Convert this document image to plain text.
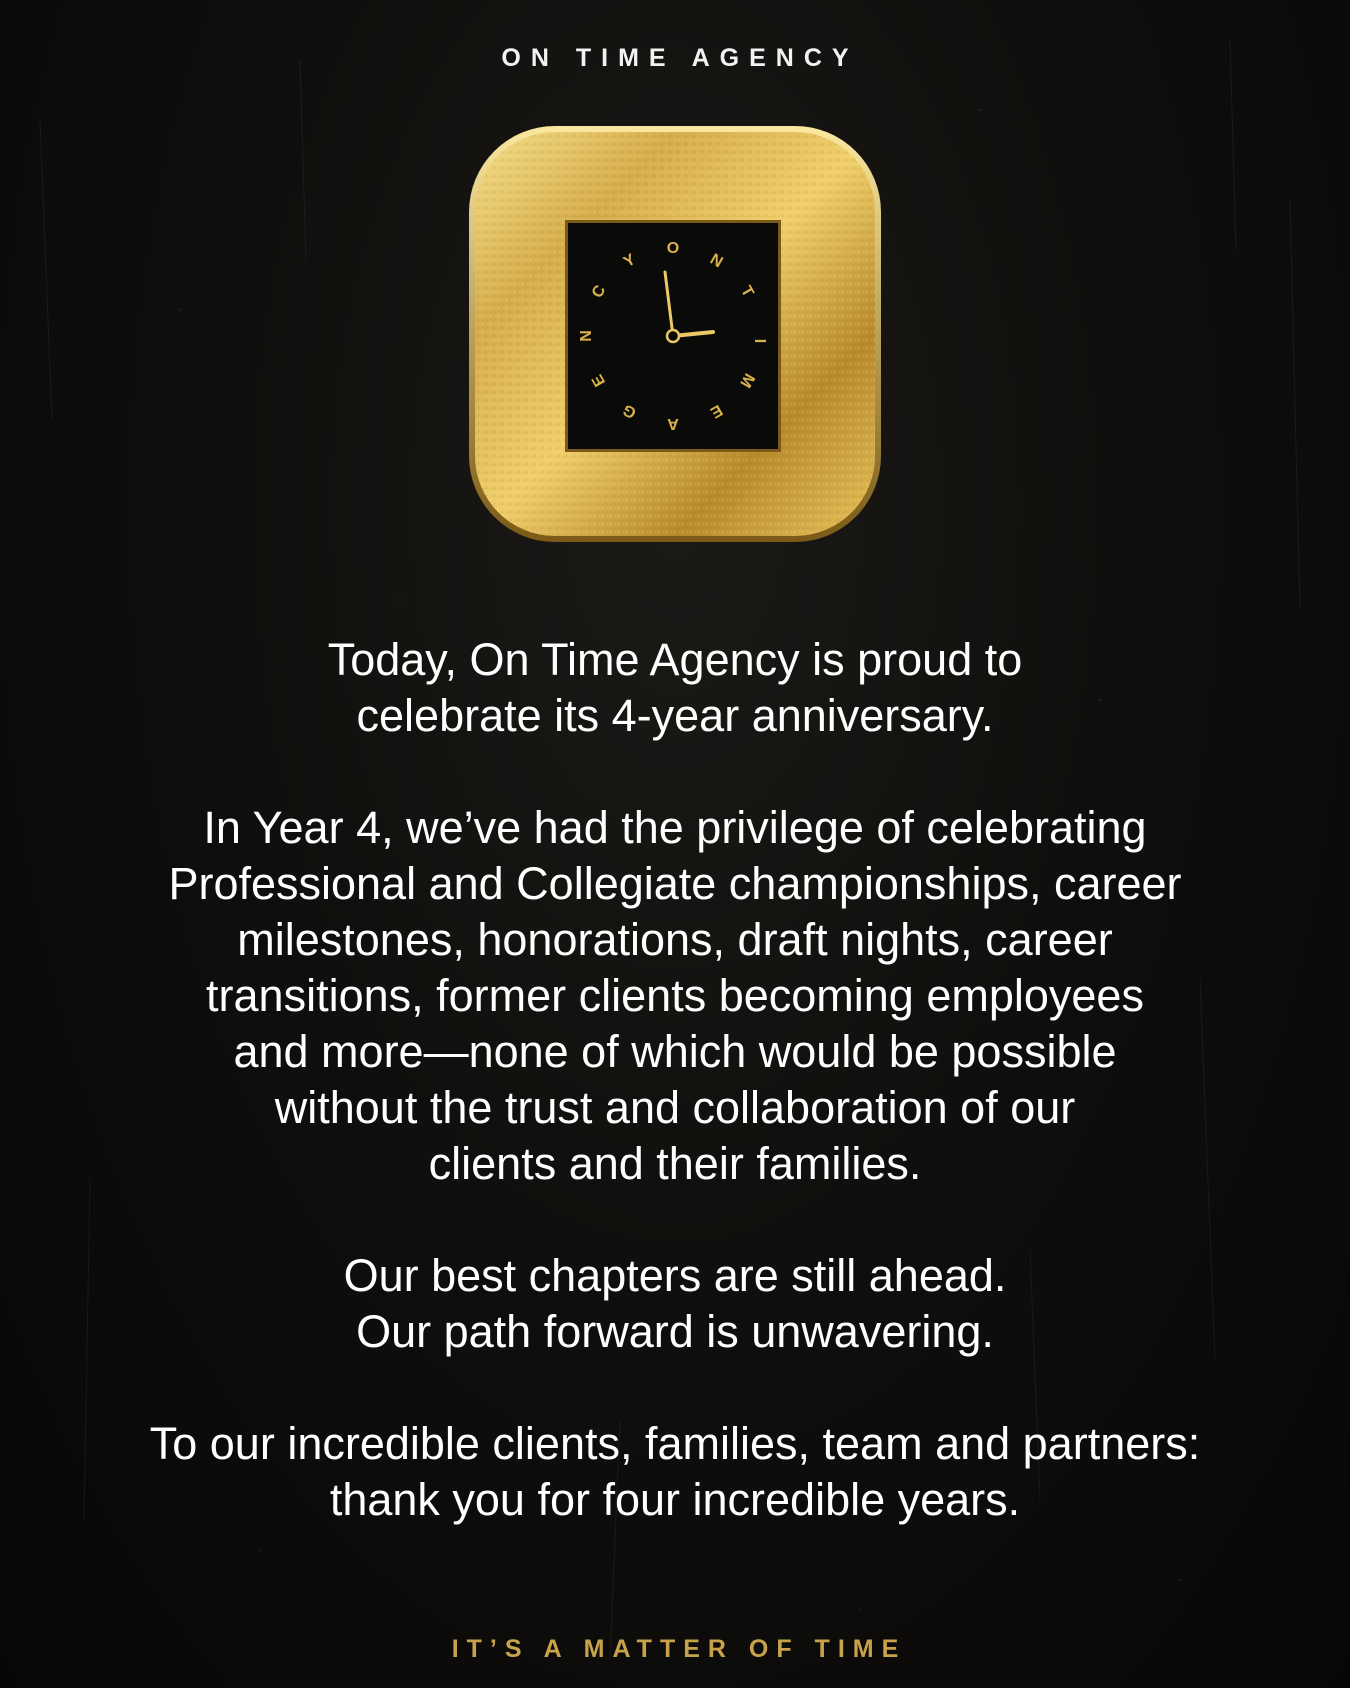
ON TIME AGENCY
O
N
T
I
M
E
A
G
E
N
C
Y

Today, On Time Agency is proud to
celebrate its 4-year anniversary.

In Year 4, we’ve had the privilege of celebrating
Professional and Collegiate championships, career
milestones, honorations, draft nights, career
transitions, former clients becoming employees
and more—none of which would be possible
without the trust and collaboration of our
clients and their families.

Our best chapters are still ahead.
Our path forward is unwavering.

To our incredible clients, families, team and partners:
thank you for four incredible years.

IT’S A MATTER OF TIME
